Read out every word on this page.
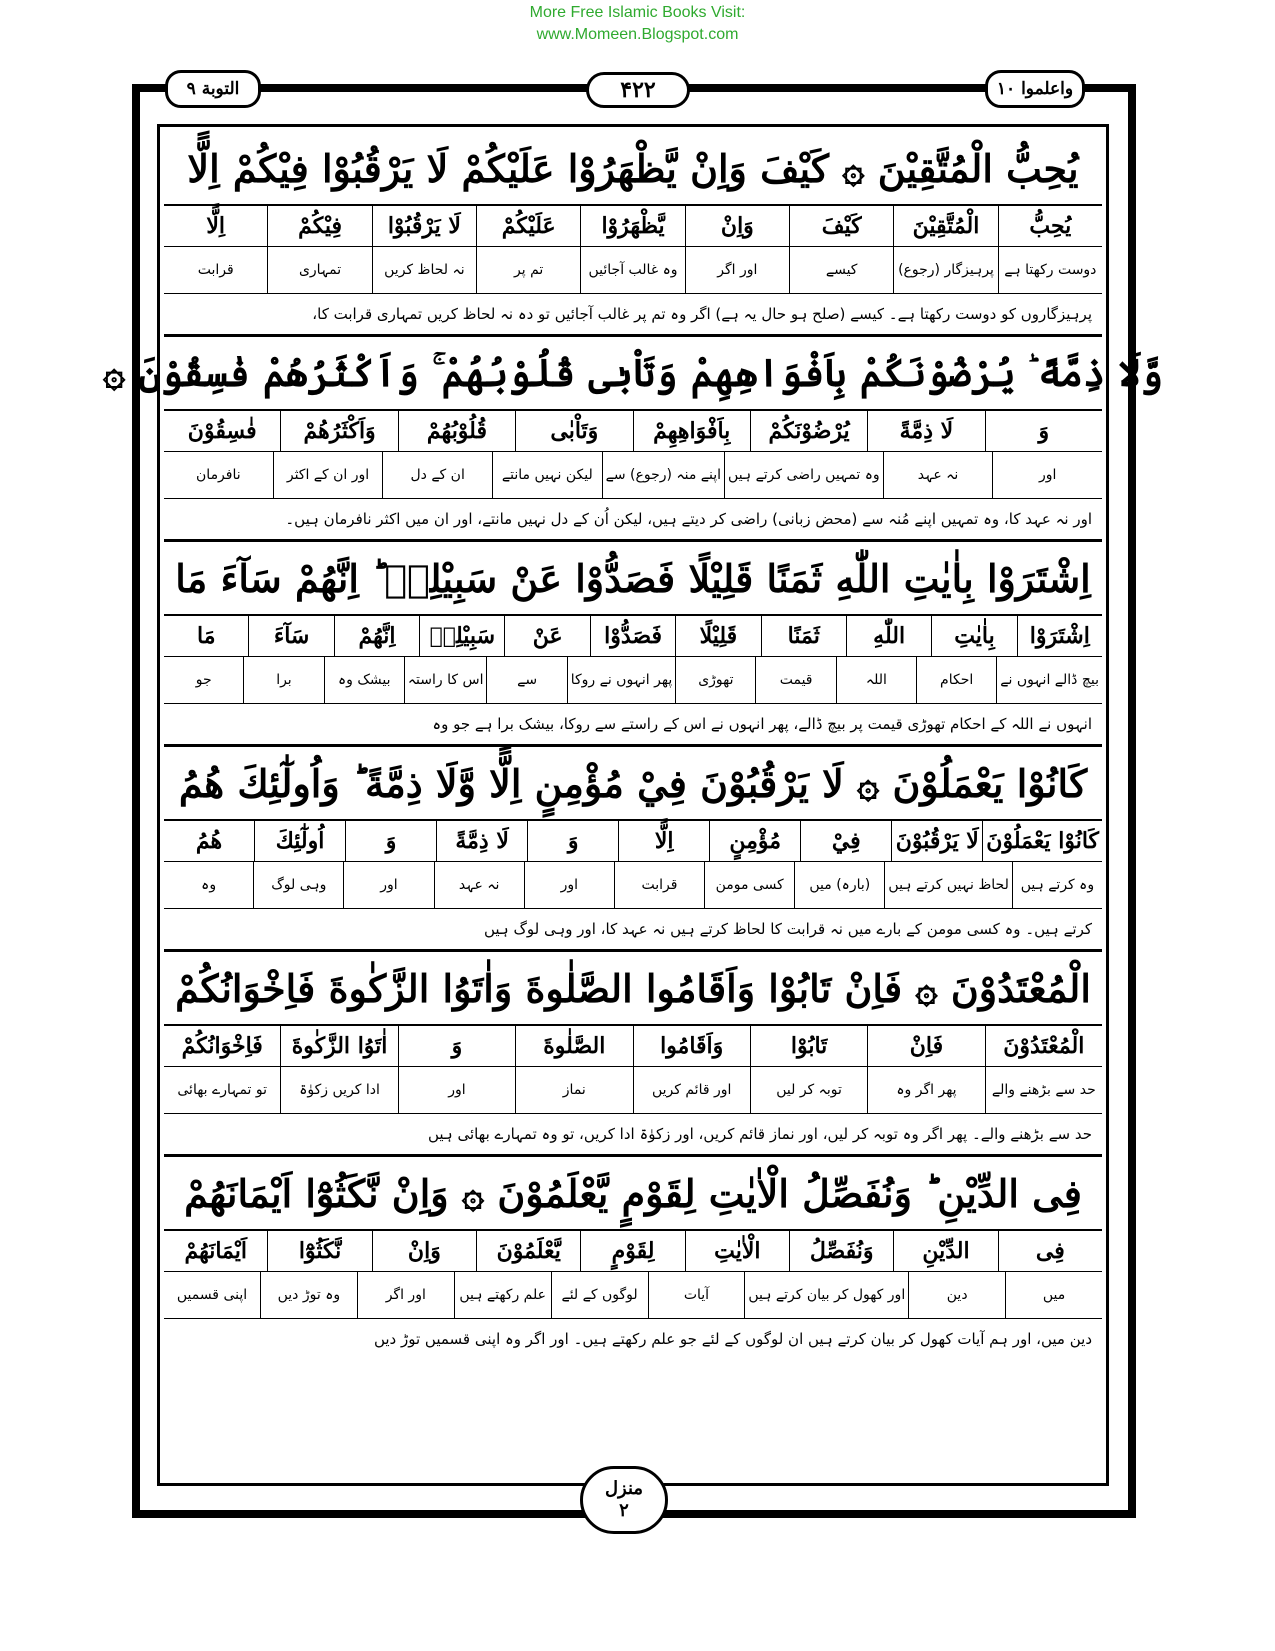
More Free Islamic Books Visit:
www.Momeen.Blogspot.com
التوبة ٩	۴۲۲	واعلموا ١٠
يُحِبُّ الْمُتَّقِيْنَ ۞ كَيْفَ وَاِنْ يَّظْهَرُوْا عَلَيْكُمْ لَا يَرْقُبُوْا فِيْكُمْ اِلًّا
يُحِبُّ
الْمُتَّقِيْنَ
كَيْفَ
وَاِنْ
يَّظْهَرُوْا
عَلَيْكُمْ
لَا يَرْقُبُوْا
فِيْكُمْ
اِلًّا
دوست رکھتا ہے
پرہیزگار (رجوع)
کیسے
اور اگر
وہ غالب آجائیں
تم پر
نہ لحاظ کریں
تمہاری
قرابت
پرہیزگاروں کو دوست رکھتا ہے۔ کیسے (صلح ہو حال یہ ہے) اگر وہ تم پر غالب آجائیں تو دہ نہ لحاظ کریں تمہاری قرابت کا،
وَّلَا ذِمَّةً ؕ يُرْضُوْنَكُمْ بِاَفْوَاهِهِمْ وَتَاْبٰى قُلُوْبُهُمْ ۚ وَاَكْثَرُهُمْ فٰسِقُوْنَ ۞
وَ
لَا ذِمَّةً
يُرْضُوْنَكُمْ
بِاَفْوَاهِهِمْ
وَتَاْبٰى
قُلُوْبُهُمْ
وَاَكْثَرُهُمْ
فٰسِقُوْنَ
اور
نہ عہد
وہ تمہیں راضی کرتے ہیں
اپنے منہ (رجوع) سے
لیکن نہیں مانتے
ان کے دل
اور ان کے اکثر
نافرمان
اور نہ عہد کا، وہ تمہیں اپنے مُنہ سے (محض زبانی) راضی کر دیتے ہیں، لیکن اُن کے دل نہیں مانتے، اور ان میں اکثر نافرمان ہیں۔
اِشْتَرَوْا بِاٰيٰتِ اللّٰهِ ثَمَنًا قَلِيْلًا فَصَدُّوْا عَنْ سَبِيْلِهٖ ؕ اِنَّهُمْ سَآءَ مَا
اِشْتَرَوْا
بِاٰيٰتِ
اللّٰهِ
ثَمَنًا
قَلِيْلًا
فَصَدُّوْا
عَنْ
سَبِيْلِهٖ
اِنَّهُمْ
سَآءَ
مَا
بیچ ڈالے انہوں نے
احکام
اللہ
قیمت
تھوڑی
پھر انہوں نے روکا
سے
اس کا راستہ
بیشک وہ
برا
جو
انہوں نے اللہ کے احکام تھوڑی قیمت پر بیچ ڈالے، پھر انہوں نے اس کے راستے سے روکا، بیشک برا ہے جو وہ
كَانُوْا يَعْمَلُوْنَ ۞ لَا يَرْقُبُوْنَ فِيْ مُؤْمِنٍ اِلًّا وَّلَا ذِمَّةً ؕ وَاُولٰٓئِكَ هُمُ
كَانُوْا يَعْمَلُوْنَ
لَا يَرْقُبُوْنَ
فِيْ
مُؤْمِنٍ
اِلًّا
وَ
لَا ذِمَّةً
وَ
اُولٰٓئِكَ
هُمُ
وہ کرتے ہیں
لحاظ نہیں کرتے ہیں
(بارہ) میں
کسی مومن
قرابت
اور
نہ عہد
اور
وہی لوگ
وہ
کرتے ہیں۔ وہ کسی مومن کے بارے میں نہ قرابت کا لحاظ کرتے ہیں نہ عہد کا، اور وہی لوگ ہیں
الْمُعْتَدُوْنَ ۞ فَاِنْ تَابُوْا وَاَقَامُوا الصَّلٰوةَ وَاٰتَوُا الزَّكٰوةَ فَاِخْوَانُكُمْ
الْمُعْتَدُوْنَ
فَاِنْ
تَابُوْا
وَاَقَامُوا
الصَّلٰوةَ
وَ
اٰتَوُا الزَّكٰوةَ
فَاِخْوَانُكُمْ
حد سے بڑھنے والے
پھر اگر وہ
توبہ کر لیں
اور قائم کریں
نماز
اور
ادا کریں زکوٰۃ
تو تمہارے بھائی
حد سے بڑھنے والے۔ پھر اگر وہ توبہ کر لیں، اور نماز قائم کریں، اور زکوٰۃ ادا کریں، تو وہ تمہارے بھائی ہیں
فِى الدِّيْنِ ؕ وَنُفَصِّلُ الْاٰيٰتِ لِقَوْمٍ يَّعْلَمُوْنَ ۞ وَاِنْ نَّكَثُوْٓا اَيْمَانَهُمْ
فِى
الدِّيْنِ
وَنُفَصِّلُ
الْاٰيٰتِ
لِقَوْمٍ
يَّعْلَمُوْنَ
وَاِنْ
نَّكَثُوْٓا
اَيْمَانَهُمْ
میں
دین
اور کھول کر بیان کرتے ہیں
آیات
لوگوں کے لئے
علم رکھتے ہیں
اور اگر
وہ توڑ دیں
اپنی قسمیں
دین میں، اور ہم آیات کھول کر بیان کرتے ہیں ان لوگوں کے لئے جو علم رکھتے ہیں۔ اور اگر وہ اپنی قسمیں توڑ دیں
منزل
٢
